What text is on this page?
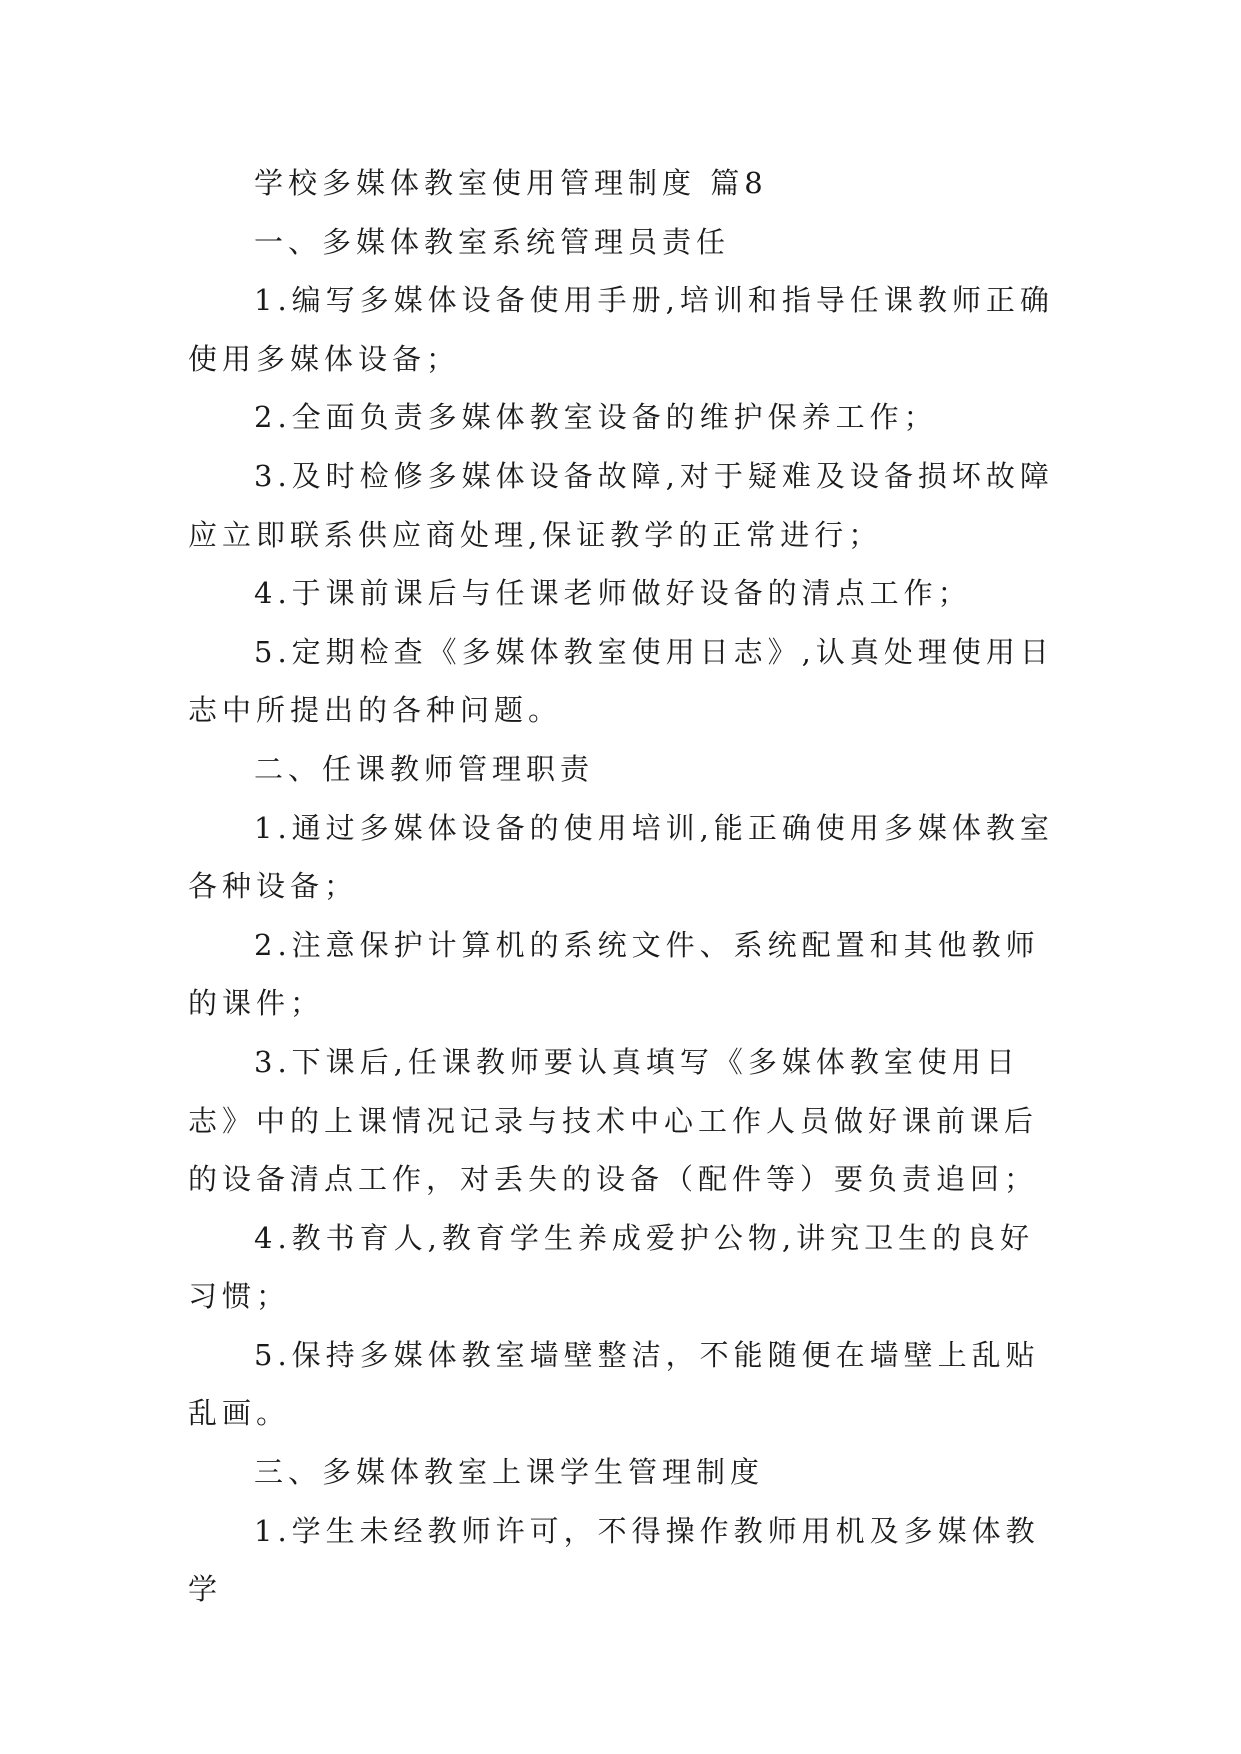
学校多媒体教室使用管理制度 篇8

一、多媒体教室系统管理员责任

1.编写多媒体设备使用手册,培训和指导任课教师正确使用多媒体设备；

2.全面负责多媒体教室设备的维护保养工作；

3.及时检修多媒体设备故障,对于疑难及设备损坏故障应立即联系供应商处理,保证教学的正常进行；

4.于课前课后与任课老师做好设备的清点工作；

5.定期检查《多媒体教室使用日志》,认真处理使用日志中所提出的各种问题。

二、任课教师管理职责

1.通过多媒体设备的使用培训,能正确使用多媒体教室各种设备；

2.注意保护计算机的系统文件、系统配置和其他教师的课件；

3.下课后,任课教师要认真填写《多媒体教室使用日志》中的上课情况记录与技术中心工作人员做好课前课后的设备清点工作，对丢失的设备（配件等）要负责追回；

4.教书育人,教育学生养成爱护公物,讲究卫生的良好习惯；

5.保持多媒体教室墙壁整洁，不能随便在墙壁上乱贴乱画。

三、多媒体教室上课学生管理制度

1.学生未经教师许可，不得操作教师用机及多媒体教学
